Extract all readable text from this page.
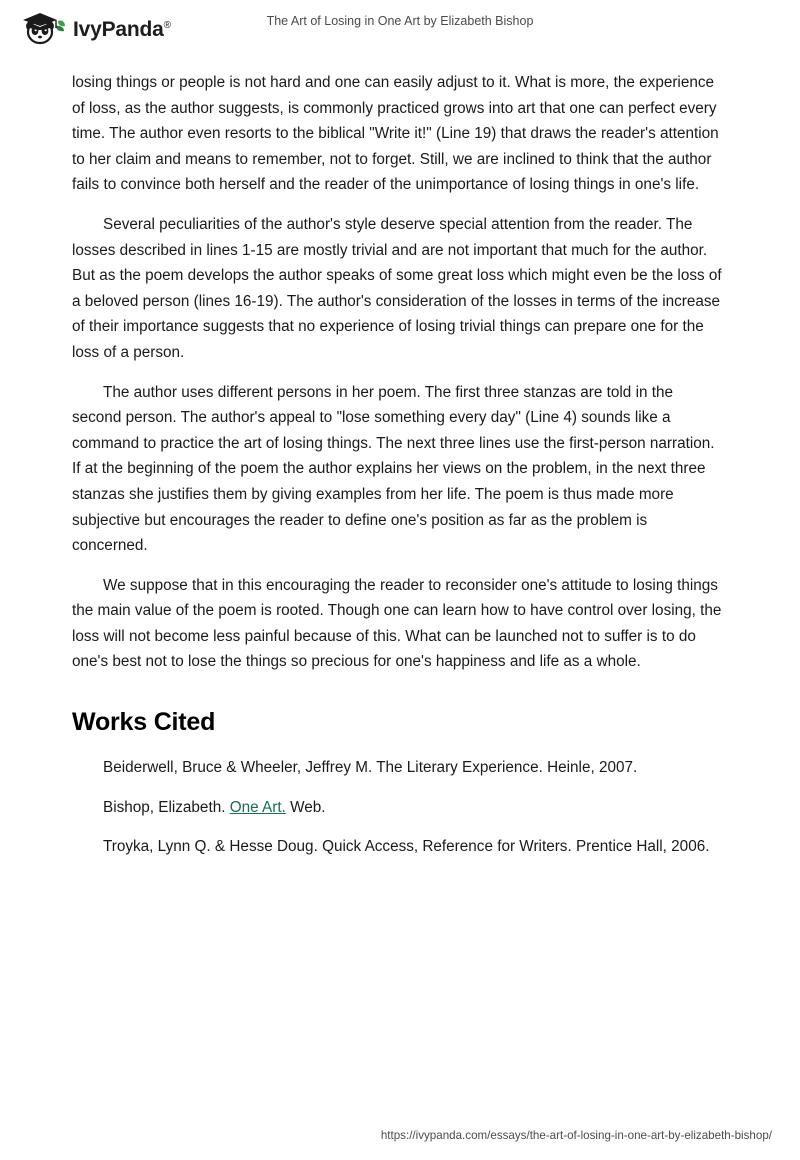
IvyPanda®	The Art of Losing in One Art by Elizabeth Bishop

losing things or people is not hard and one can easily adjust to it. What is more, the experience of loss, as the author suggests, is commonly practiced grows into art that one can perfect every time. The author even resorts to the biblical "Write it!" (Line 19) that draws the reader's attention to her claim and means to remember, not to forget. Still, we are inclined to think that the author fails to convince both herself and the reader of the unimportance of losing things in one's life.

Several peculiarities of the author's style deserve special attention from the reader. The losses described in lines 1-15 are mostly trivial and are not important that much for the author. But as the poem develops the author speaks of some great loss which might even be the loss of a beloved person (lines 16-19). The author's consideration of the losses in terms of the increase of their importance suggests that no experience of losing trivial things can prepare one for the loss of a person.

The author uses different persons in her poem. The first three stanzas are told in the second person. The author's appeal to "lose something every day" (Line 4) sounds like a command to practice the art of losing things. The next three lines use the first-person narration. If at the beginning of the poem the author explains her views on the problem, in the next three stanzas she justifies them by giving examples from her life. The poem is thus made more subjective but encourages the reader to define one's position as far as the problem is concerned.

We suppose that in this encouraging the reader to reconsider one's attitude to losing things the main value of the poem is rooted. Though one can learn how to have control over losing, the loss will not become less painful because of this. What can be launched not to suffer is to do one's best not to lose the things so precious for one's happiness and life as a whole.

Works Cited
Beiderwell, Bruce & Wheeler, Jeffrey M. The Literary Experience. Heinle, 2007.
Bishop, Elizabeth. One Art. Web.
Troyka, Lynn Q. & Hesse Doug. Quick Access, Reference for Writers. Prentice Hall, 2006.
https://ivypanda.com/essays/the-art-of-losing-in-one-art-by-elizabeth-bishop/
